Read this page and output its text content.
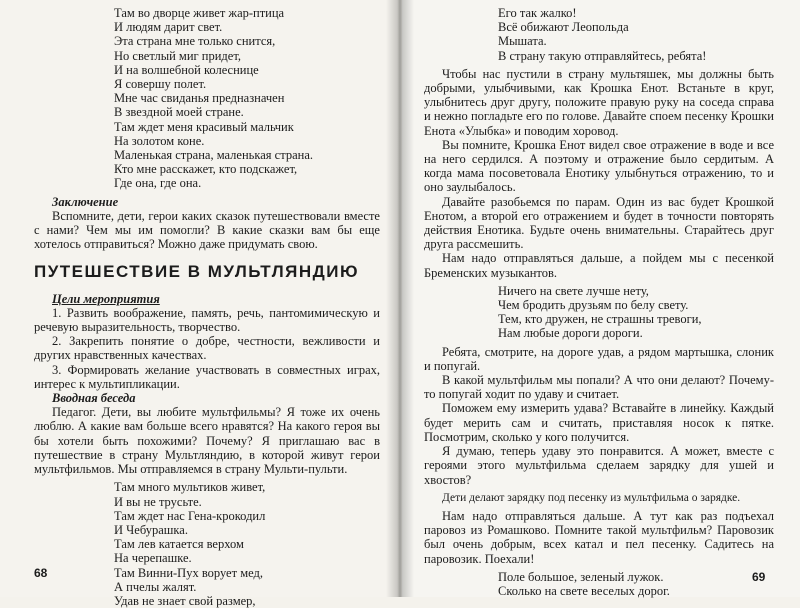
Там во дворце живет жар-птица
И людям дарит свет.
Эта страна мне только снится,
Но светлый миг придет,
И на волшебной колеснице
Я совершу полет.
Мне час свиданья предназначен
В звездной моей стране.
Там ждет меня красивый мальчик
На золотом коне.
Маленькая страна, маленькая страна.
Кто мне расскажет, кто подскажет,
Где она, где она.
Заключение

Вспомните, дети, герои каких сказок путешествовали вместе с нами? Чем мы им помогли? В какие сказки вам бы еще хотелось отправиться? Можно даже придумать свою.

ПУТЕШЕСТВИЕ В МУЛЬТЛЯНДИЮ
Цели мероприятия

1. Развить воображение, память, речь, пантомимическую и речевую выразительность, творчество.

2. Закрепить понятие о добре, честности, вежливости и других нравственных качествах.

3. Формировать желание участвовать в совместных играх, интерес к мультипликации.

Вводная беседа

Педагог. Дети, вы любите мультфильмы? Я тоже их очень люблю. А какие вам больше всего нравятся? На какого героя вы бы хотели быть похожими? Почему? Я приглашаю вас в путешествие в страну Мультляндию, в которой живут герои мультфильмов. Мы отправляемся в страну Мульти-пульти.

Там много мультиков живет,
И вы не трусьте.
Там ждет нас Гена-крокодил
И Чебурашка.
Там лев катается верхом
На черепашке.
Там Винни-Пух ворует мед,
А пчелы жалят.
Удав не знает свой размер,
68
Его так жалко!
Всё обижают Леопольда
Мышата.
В страну такую отправляйтесь, ребята!

Чтобы нас пустили в страну мультяшек, мы должны быть добрыми, улыбчивыми, как Крошка Енот. Встаньте в круг, улыбнитесь друг другу, положите правую руку на соседа справа и нежно погладьте его по голове. Давайте споем песенку Крошки Енота «Улыбка» и поводим хоровод.

Вы помните, Крошка Енот видел свое отражение в воде и все на него сердился. А поэтому и отражение было сердитым. А когда мама посоветовала Енотику улыбнуться отражению, то и оно заулыбалось.

Давайте разобьемся по парам. Один из вас будет Крошкой Енотом, а второй его отражением и будет в точности повторять действия Енотика. Будьте очень внимательны. Старайтесь друг друга рассмешить.

Нам надо отправляться дальше, а пойдем мы с песенкой Бременских музыкантов.

Ничего на свете лучше нету,
Чем бродить друзьям по белу свету.
Тем, кто дружен, не страшны тревоги,
Нам любые дороги дороги.

Ребята, смотрите, на дороге удав, а рядом мартышка, слоник и попугай.

В какой мультфильм мы попали? А что они делают? Почему-то попугай ходит по удаву и считает.

Поможем ему измерить удава? Вставайте в линейку. Каждый будет мерить сам и считать, приставляя носок к пятке. Посмотрим, сколько у кого получится.

Я думаю, теперь удаву это понравится. А может, вместе с героями этого мультфильма сделаем зарядку для ушей и хвостов?

Дети делают зарядку под песенку из мультфильма о зарядке.

Нам надо отправляться дальше. А тут как раз подъехал паровоз из Ромашково. Помните такой мультфильм? Паровозик был очень добрым, всех катал и пел песенку. Садитесь на паровозик. Поехали!

Поле большое, зеленый лужок.
Сколько на свете веселых дорог.
69
